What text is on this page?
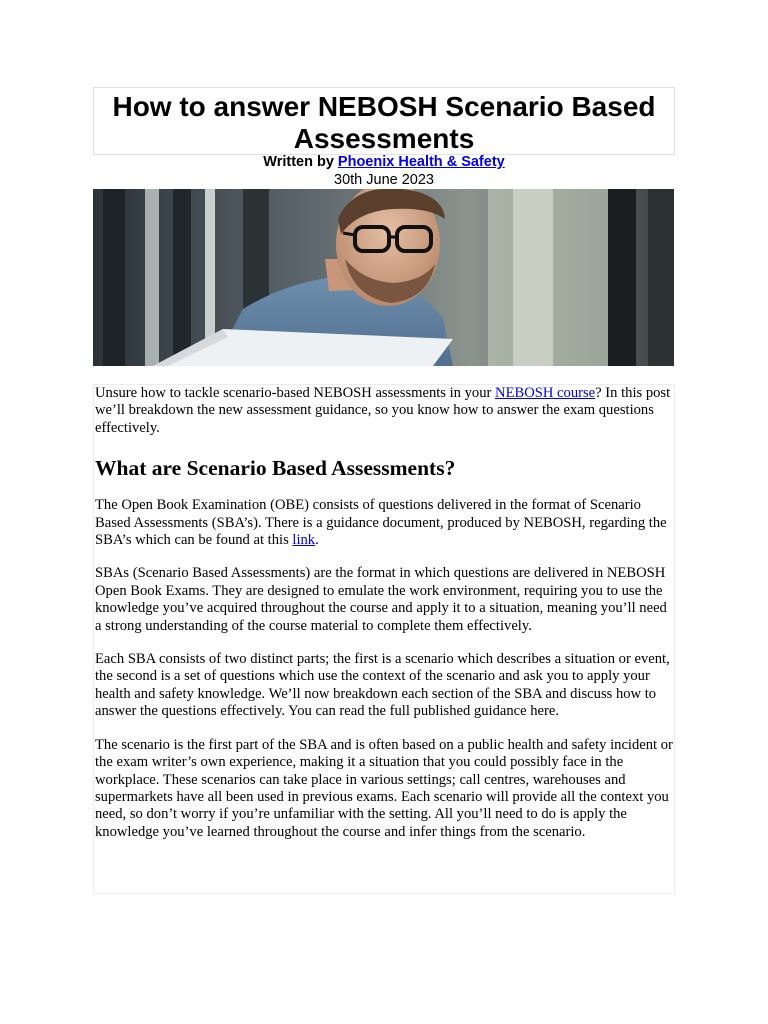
How to answer NEBOSH Scenario Based Assessments
Written by Phoenix Health & Safety
30th June 2023

Unsure how to tackle scenario-based NEBOSH assessments in your NEBOSH course? In this post we’ll breakdown the new assessment guidance, so you know how to answer the exam questions effectively.

What are Scenario Based Assessments?

The Open Book Examination (OBE) consists of questions delivered in the format of Scenario Based Assessments (SBA’s). There is a guidance document, produced by NEBOSH, regarding the SBA’s which can be found at this link.

SBAs (Scenario Based Assessments) are the format in which questions are delivered in NEBOSH Open Book Exams. They are designed to emulate the work environment, requiring you to use the knowledge you’ve acquired throughout the course and apply it to a situation, meaning you’ll need a strong understanding of the course material to complete them effectively.

Each SBA consists of two distinct parts; the first is a scenario which describes a situation or event, the second is a set of questions which use the context of the scenario and ask you to apply your health and safety knowledge. We’ll now breakdown each section of the SBA and discuss how to answer the questions effectively. You can read the full published guidance here.

The scenario is the first part of the SBA and is often based on a public health and safety incident or the exam writer’s own experience, making it a situation that you could possibly face in the workplace. These scenarios can take place in various settings; call centres, warehouses and supermarkets have all been used in previous exams. Each scenario will provide all the context you need, so don’t worry if you’re unfamiliar with the setting. All you’ll need to do is apply the knowledge you’ve learned throughout the course and infer things from the scenario.
